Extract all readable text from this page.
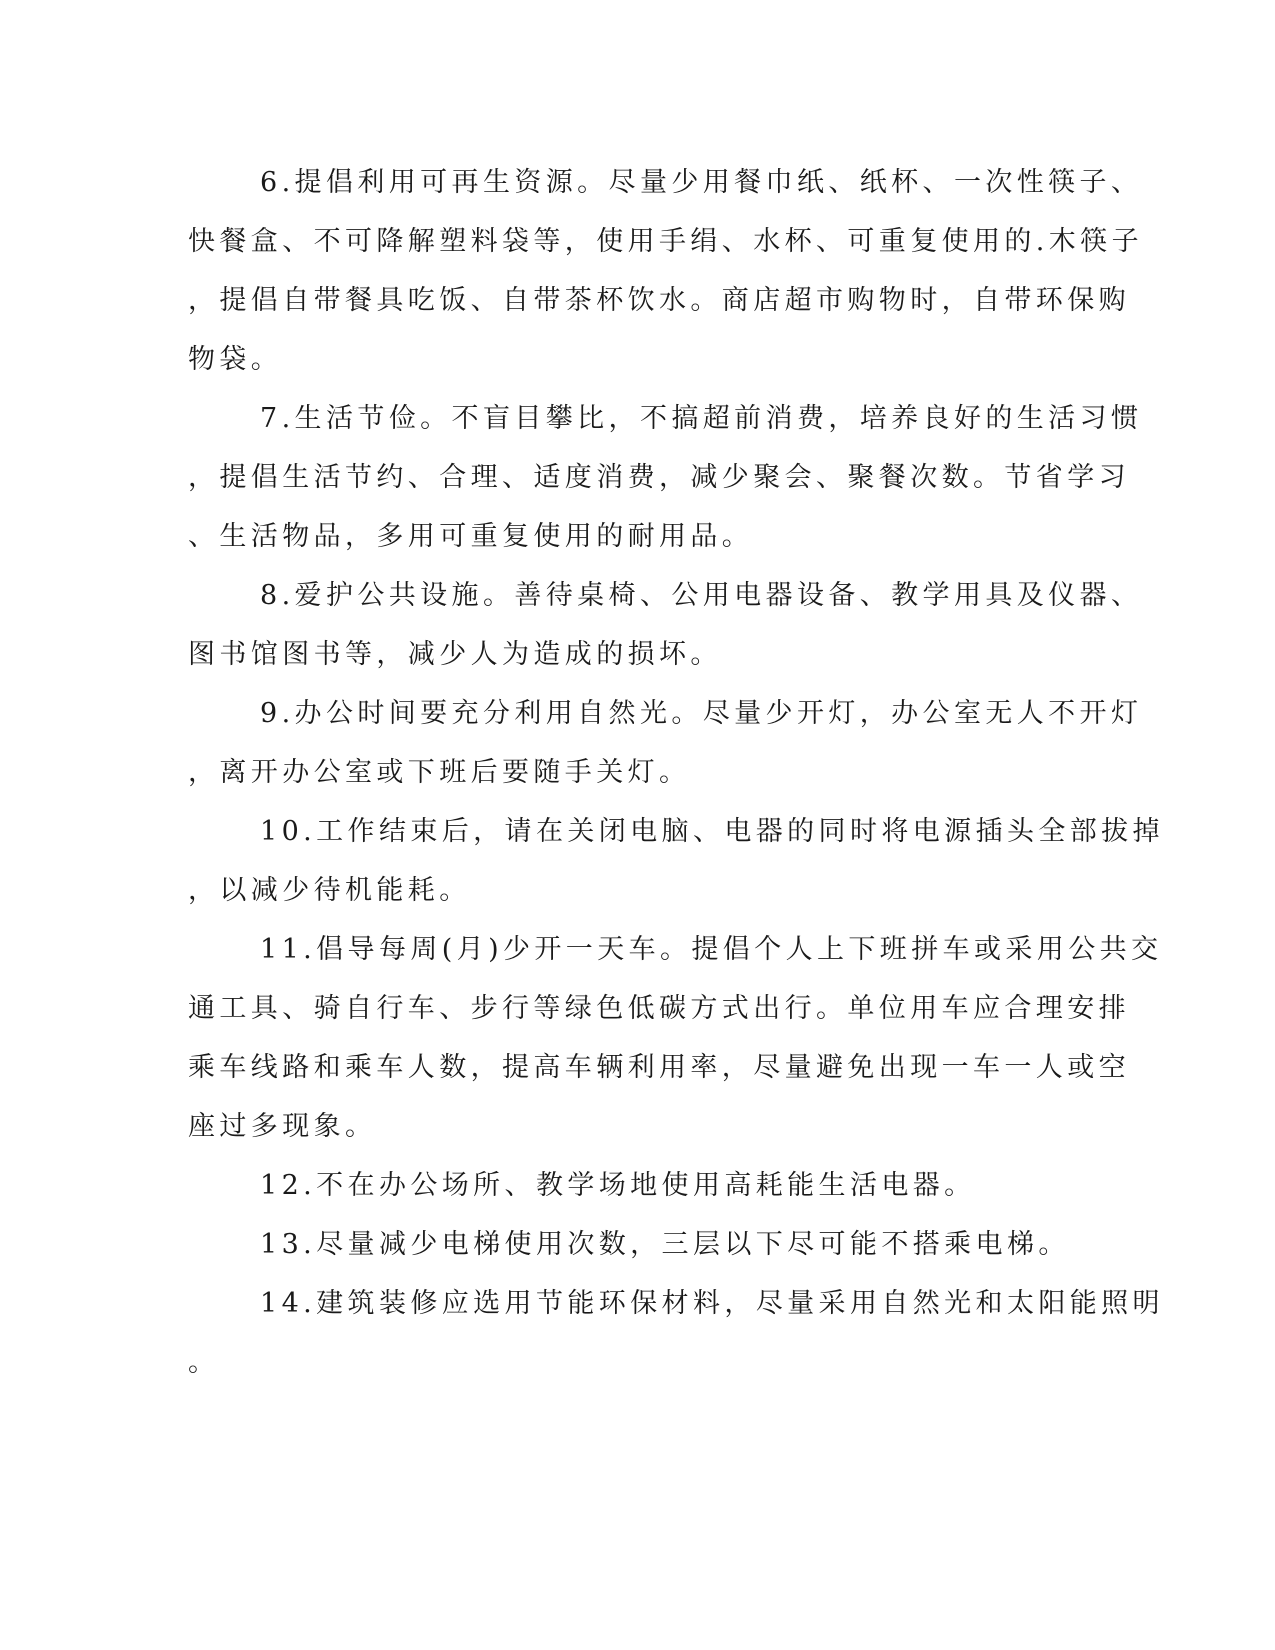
6.提倡利用可再生资源。尽量少用餐巾纸、纸杯、一次性筷子、
快餐盒、不可降解塑料袋等，使用手绢、水杯、可重复使用的.木筷子
，提倡自带餐具吃饭、自带茶杯饮水。商店超市购物时，自带环保购
物袋。
7.生活节俭。不盲目攀比，不搞超前消费，培养良好的生活习惯
，提倡生活节约、合理、适度消费，减少聚会、聚餐次数。节省学习
、生活物品，多用可重复使用的耐用品。
8.爱护公共设施。善待桌椅、公用电器设备、教学用具及仪器、
图书馆图书等，减少人为造成的损坏。
9.办公时间要充分利用自然光。尽量少开灯，办公室无人不开灯
，离开办公室或下班后要随手关灯。
10.工作结束后，请在关闭电脑、电器的同时将电源插头全部拔掉
，以减少待机能耗。
11.倡导每周(月)少开一天车。提倡个人上下班拼车或采用公共交
通工具、骑自行车、步行等绿色低碳方式出行。单位用车应合理安排
乘车线路和乘车人数，提高车辆利用率，尽量避免出现一车一人或空
座过多现象。
12.不在办公场所、教学场地使用高耗能生活电器。
13.尽量减少电梯使用次数，三层以下尽可能不搭乘电梯。
14.建筑装修应选用节能环保材料，尽量采用自然光和太阳能照明
。
